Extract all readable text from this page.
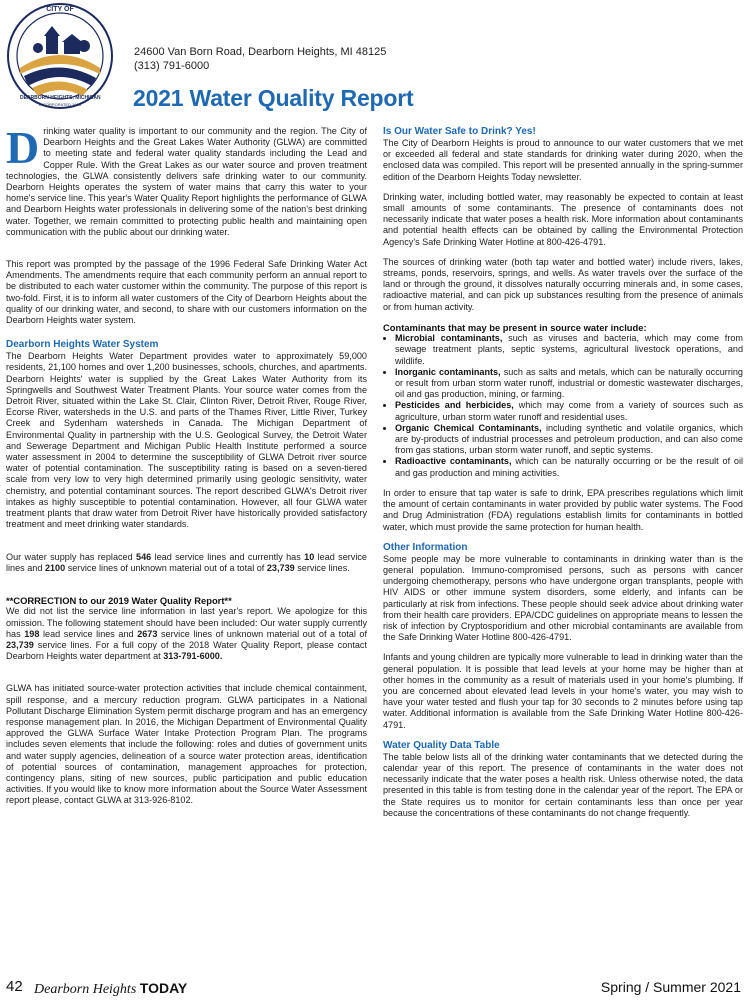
CITY OF
DEARBORN HEIGHTS, MICHIGAN
INCORPORATED 1963
24600 Van Born Road, Dearborn Heights, MI 48125
(313) 791-6000
2021 Water Quality Report

Drinking water quality is important to our community and the region. The City of Dearborn Heights and the Great Lakes Water Authority (GLWA) are committed to meeting state and federal water quality standards including the Lead and Copper Rule. With the Great Lakes as our water source and proven treatment technologies, the GLWA consistently delivers safe drinking water to our community. Dearborn Heights operates the system of water mains that carry this water to your home's service line. This year's Water Quality Report highlights the performance of GLWA and Dearborn Heights water professionals in delivering some of the nation's best drinking water. Together, we remain committed to protecting public health and maintaining open communication with the public about our drinking water.

This report was prompted by the passage of the 1996 Federal Safe Drinking Water Act Amendments. The amendments require that each community perform an annual report to be distributed to each water customer within the community. The purpose of this report is two-fold. First, it is to inform all water customers of the City of Dearborn Heights about the quality of our drinking water, and second, to share with our customers information on the Dearborn Heights water system.

Dearborn Heights Water System

The Dearborn Heights Water Department provides water to approximately 59,000 residents, 21,100 homes and over 1,200 businesses, schools, churches, and apartments. Dearborn Heights' water is supplied by the Great Lakes Water Authority from its Springwells and Southwest Water Treatment Plants. Your source water comes from the Detroit River, situated within the Lake St. Clair, Clinton River, Detroit River, Rouge River, Ecorse River, watersheds in the U.S. and parts of the Thames River, Little River, Turkey Creek and Sydenham watersheds in Canada. The Michigan Department of Environmental Quality in partnership with the U.S. Geological Survey, the Detroit Water and Sewerage Department and Michigan Public Health Institute performed a source water assessment in 2004 to determine the susceptibility of GLWA Detroit river source water of potential contamination. The susceptibility rating is based on a seven-tiered scale from very low to very high determined primarily using geologic sensitivity, water chemistry, and potential contaminant sources. The report described GLWA's Detroit river intakes as highly susceptible to potential contamination. However, all four GLWA water treatment plants that draw water from Detroit River have historically provided satisfactory treatment and meet drinking water standards.

Our water supply has replaced 546 lead service lines and currently has 10 lead service lines and 2100 service lines of unknown material out of a total of 23,739 service lines.

**CORRECTION to our 2019 Water Quality Report**

We did not list the service line information in last year's report. We apologize for this omission. The following statement should have been included: Our water supply currently has 198 lead service lines and 2673 service lines of unknown material out of a total of 23,739 service lines. For a full copy of the 2018 Water Quality Report, please contact Dearborn Heights water department at 313-791-6000.

GLWA has initiated source-water protection activities that include chemical containment, spill response, and a mercury reduction program. GLWA participates in a National Pollutant Discharge Elimination System permit discharge program and has an emergency response management plan. In 2016, the Michigan Department of Environmental Quality approved the GLWA Surface Water Intake Protection Program Plan. The programs includes seven elements that include the following: roles and duties of government units and water supply agencies, delineation of a source water protection areas, identification of potential sources of contamination, management approaches for protection, contingency plans, siting of new sources, public participation and public education activities. If you would like to know more information about the Source Water Assessment report please, contact GLWA at 313-926-8102.

Is Our Water Safe to Drink? Yes!

The City of Dearborn Heights is proud to announce to our water customers that we met or exceeded all federal and state standards for drinking water during 2020, when the enclosed data was compiled. This report will be presented annually in the spring-summer edition of the Dearborn Heights Today newsletter.

Drinking water, including bottled water, may reasonably be expected to contain at least small amounts of some contaminants. The presence of contaminants does not necessarily indicate that water poses a health risk. More information about contaminants and potential health effects can be obtained by calling the Environmental Protection Agency's Safe Drinking Water Hotline at 800-426-4791.

The sources of drinking water (both tap water and bottled water) include rivers, lakes, streams, ponds, reservoirs, springs, and wells. As water travels over the surface of the land or through the ground, it dissolves naturally occurring minerals and, in some cases, radioactive material, and can pick up substances resulting from the presence of animals or from human activity.

Contaminants that may be present in source water include:
• Microbial contaminants, such as viruses and bacteria, which may come from sewage treatment plants, septic systems, agricultural livestock operations, and wildlife.
• Inorganic contaminants, such as salts and metals, which can be naturally occurring or result from urban storm water runoff, industrial or domestic wastewater discharges, oil and gas production, mining, or farming.
• Pesticides and herbicides, which may come from a variety of sources such as agriculture, urban storm water runoff and residential uses.
• Organic Chemical Contaminants, including synthetic and volatile organics, which are by-products of industrial processes and petroleum production, and can also come from gas stations, urban storm water runoff, and septic systems.
• Radioactive contaminants, which can be naturally occurring or be the result of oil and gas production and mining activities.

In order to ensure that tap water is safe to drink, EPA prescribes regulations which limit the amount of certain contaminants in water provided by public water systems. The Food and Drug Administration (FDA) regulations establish limits for contaminants in bottled water, which must provide the same protection for human health.

Other Information

Some people may be more vulnerable to contaminants in drinking water than is the general population. Immuno-compromised persons, such as persons with cancer undergoing chemotherapy, persons who have undergone organ transplants, people with HIV AIDS or other immune system disorders, some elderly, and infants can be particularly at risk from infections. These people should seek advice about drinking water from their health care providers. EPA/CDC guidelines on appropriate means to lessen the risk of infection by Cryptosporidium and other microbial contaminants are available from the Safe Drinking Water Hotline 800-426-4791.

Infants and young children are typically more vulnerable to lead in drinking water than the general population. It is possible that lead levels at your home may be higher than at other homes in the community as a result of materials used in your home's plumbing. If you are concerned about elevated lead levels in your home's water, you may wish to have your water tested and flush your tap for 30 seconds to 2 minutes before using tap water. Additional information is available from the Safe Drinking Water Hotline 800-426-4791.

Water Quality Data Table

The table below lists all of the drinking water contaminants that we detected during the calendar year of this report. The presence of contaminants in the water does not necessarily indicate that the water poses a health risk. Unless otherwise noted, the data presented in this table is from testing done in the calendar year of the report. The EPA or the State requires us to monitor for certain contaminants less than once per year because the concentrations of these contaminants do not change frequently.

42 Dearborn Heights TODAY	Spring / Summer 2021
